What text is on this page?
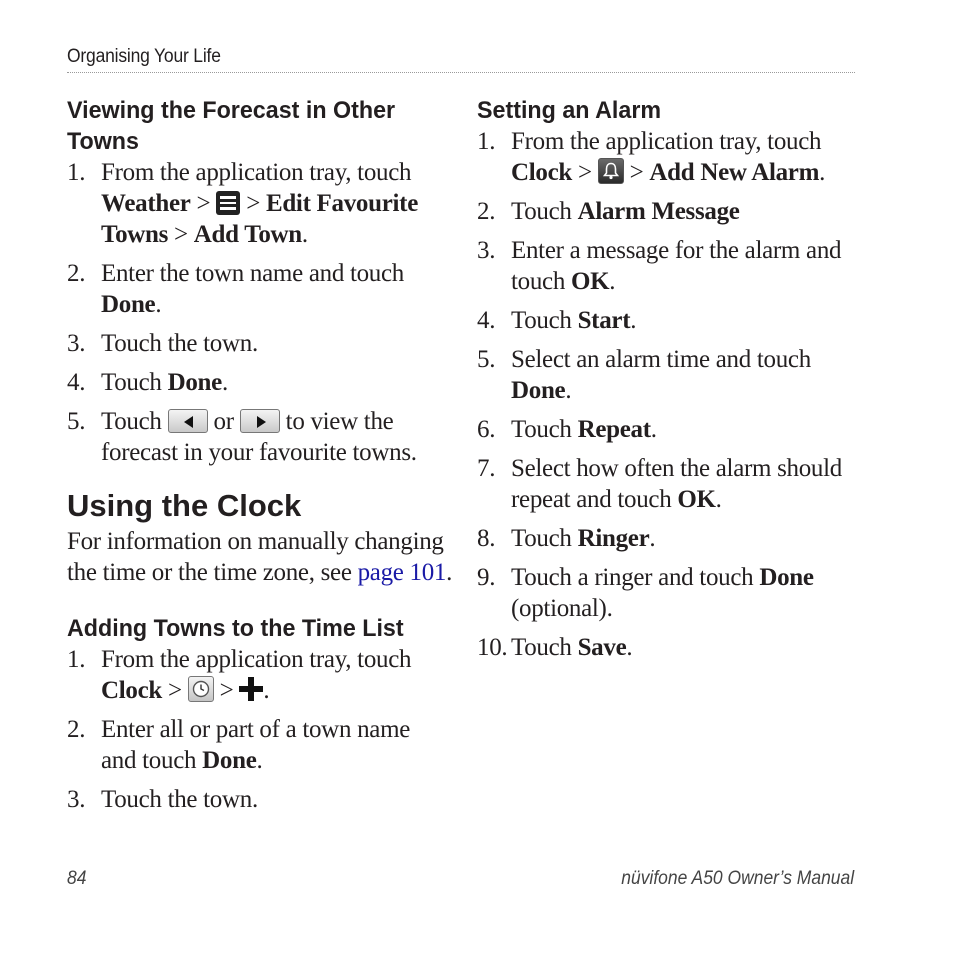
Organising Your Life
Viewing the Forecast in Other
Towns
1. From the application tray, touch
Weather >
> Edit Favourite
Towns > Add Town.
2. Enter the town name and touch
Done.
3. Touch the town.
4. Touch Done.
5. Touch
or
to view the
forecast in your favourite towns.
Using the Clock
For information on manually changing
the time or the time zone, see page 101.
Adding Towns to the Time List
1. From the application tray, touch
Clock >
> .
2. Enter all or part of a town name
and touch Done.
3. Touch the town.
Setting an Alarm
1. From the application tray, touch
Clock >
> Add New Alarm.
2. Touch Alarm Message
3. Enter a message for the alarm and
touch OK.
4. Touch Start.
5. Select an alarm time and touch
Done.
6. Touch Repeat.
7. Select how often the alarm should
repeat and touch OK.
8. Touch Ringer.
9. Touch a ringer and touch Done
(optional).
10. Touch Save.
84	nüvifone A50 Owner’s Manual
